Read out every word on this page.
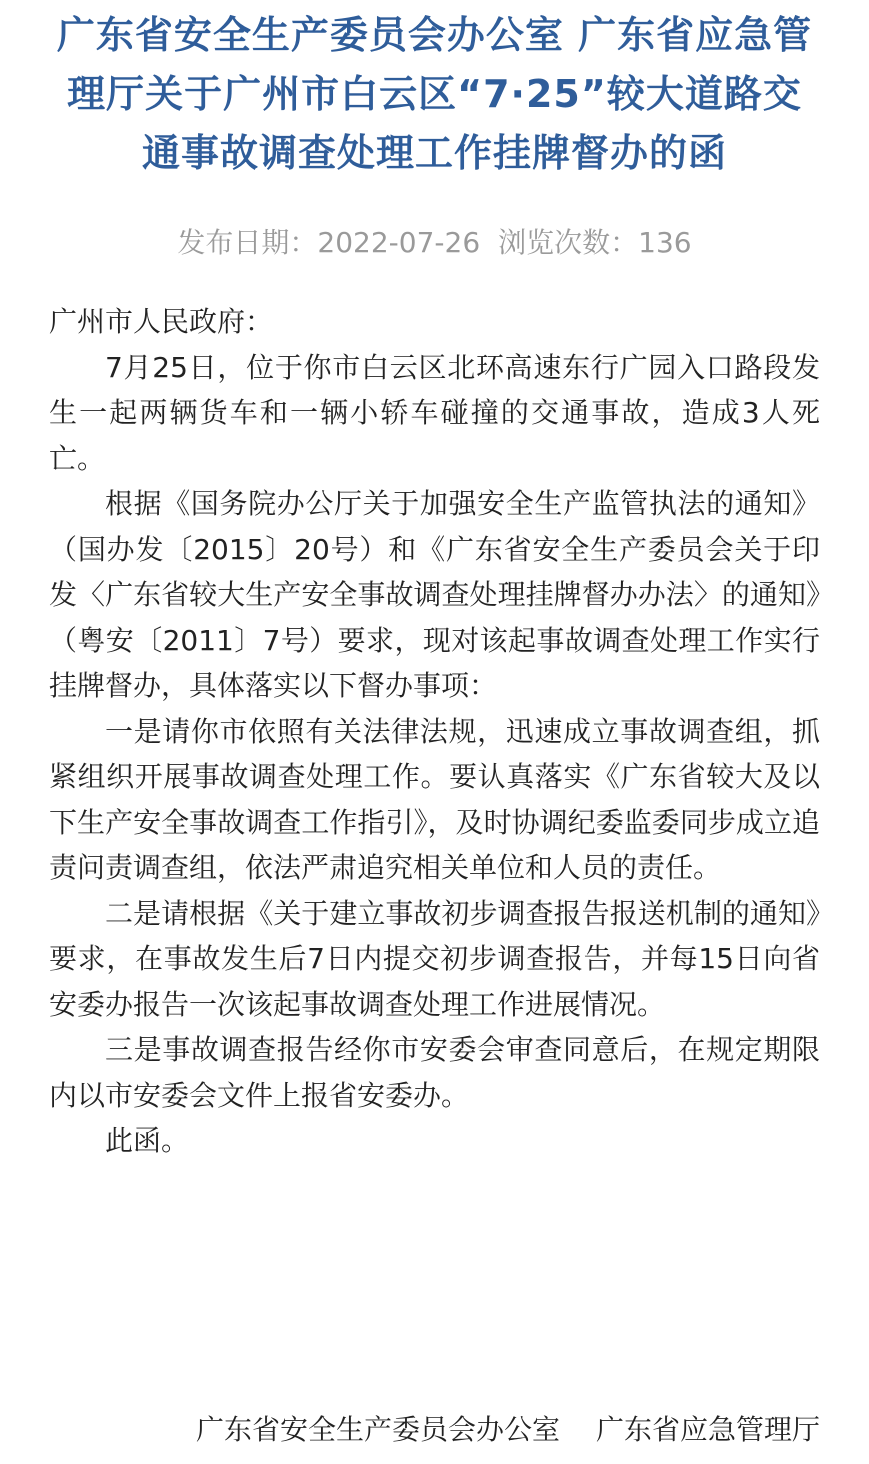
广东省安全生产委员会办公室 广东省应急管理厅关于广州市白云区“7·25”较大道路交通事故调查处理工作挂牌督办的函
发布日期：2022-07-26 浏览次数：136

广州市人民政府：

7月25日，位于你市白云区北环高速东行广园入口路段发生一起两辆货车和一辆小轿车碰撞的交通事故，造成3人死亡。

根据《国务院办公厅关于加强安全生产监管执法的通知》（国办发〔2015〕20号）和《广东省安全生产委员会关于印发〈广东省较大生产安全事故调查处理挂牌督办办法〉的通知》（粤安〔2011〕7号）要求，现对该起事故调查处理工作实行挂牌督办，具体落实以下督办事项：

一是请你市依照有关法律法规，迅速成立事故调查组，抓紧组织开展事故调查处理工作。要认真落实《广东省较大及以下生产安全事故调查工作指引》，及时协调纪委监委同步成立追责问责调查组，依法严肃追究相关单位和人员的责任。

二是请根据《关于建立事故初步调查报告报送机制的通知》要求，在事故发生后7日内提交初步调查报告，并每15日向省安委办报告一次该起事故调查处理工作进展情况。

三是事故调查报告经你市安委会审查同意后，在规定期限内以市安委会文件上报省安委办。

此函。

广东省安全生产委员会办公室 广东省应急管理厅
